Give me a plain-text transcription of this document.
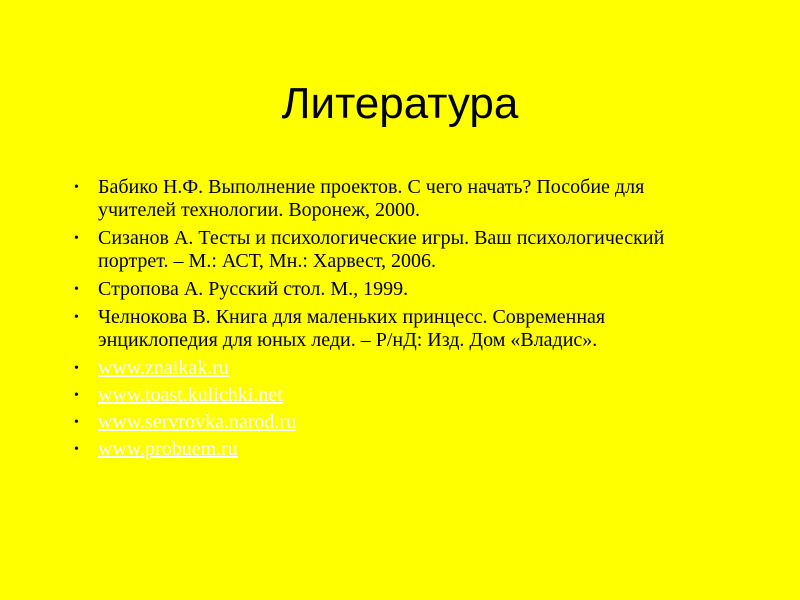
Литература
• Бабико Н.Ф. Выполнение проектов. С чего начать? Пособие для учителей технологии. Воронеж, 2000.
• Сизанов А. Тесты и психологические игры. Ваш психологический портрет. – М.: АСТ, Мн.: Харвест, 2006.
• Стропова А. Русский стол. М., 1999.
• Челнокова В. Книга для маленьких принцесс. Современная энциклопедия для юных леди. – Р/нД: Изд. Дом «Владис».
• www.znaikak.ru
• www.toast.kulichki.net
• www.servrovka.narod.ru
• www.probuem.ru
